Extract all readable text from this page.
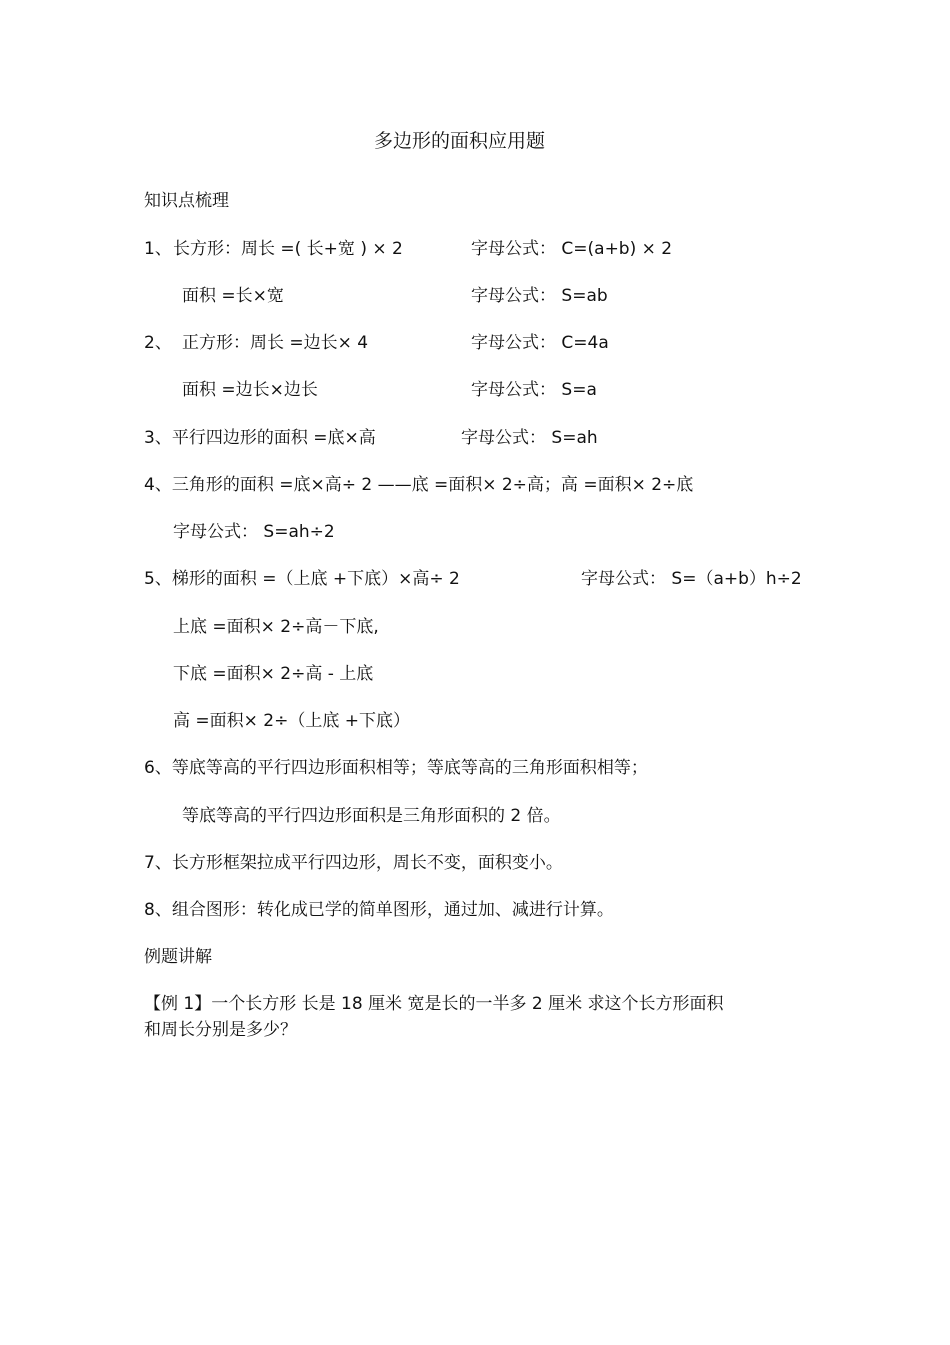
多边形的面积应用题
知识点梳理
1、 长方形：周长 =( 长+宽 ) × 2	字母公式： C=(a+b) × 2
面积 =长×宽	字母公式： S=ab
2、 正方形：周长 =边长× 4	字母公式： C=4a
面积 =边长×边长	字母公式： S=a
3、平行四边形的面积 =底×高	字母公式： S=ah
4、三角形的面积 =底×高÷ 2 ——底 =面积× 2÷高；高 =面积× 2÷底
字母公式： S=ah÷2
5、梯形的面积 =（上底 +下底）×高÷ 2	字母公式： S=（a+b）h÷2
上底 =面积× 2÷高－下底,
下底 =面积× 2÷高 - 上底
高 =面积× 2÷（上底 +下底）
6、等底等高的平行四边形面积相等；等底等高的三角形面积相等；
等底等高的平行四边形面积是三角形面积的 2 倍。
7、长方形框架拉成平行四边形，周长不变，面积变小。
8、组合图形：转化成已学的简单图形，通过加、减进行计算。
例题讲解
【例 1】一个长方形 长是 18 厘米 宽是长的一半多 2 厘米 求这个长方形面积
和周长分别是多少？
